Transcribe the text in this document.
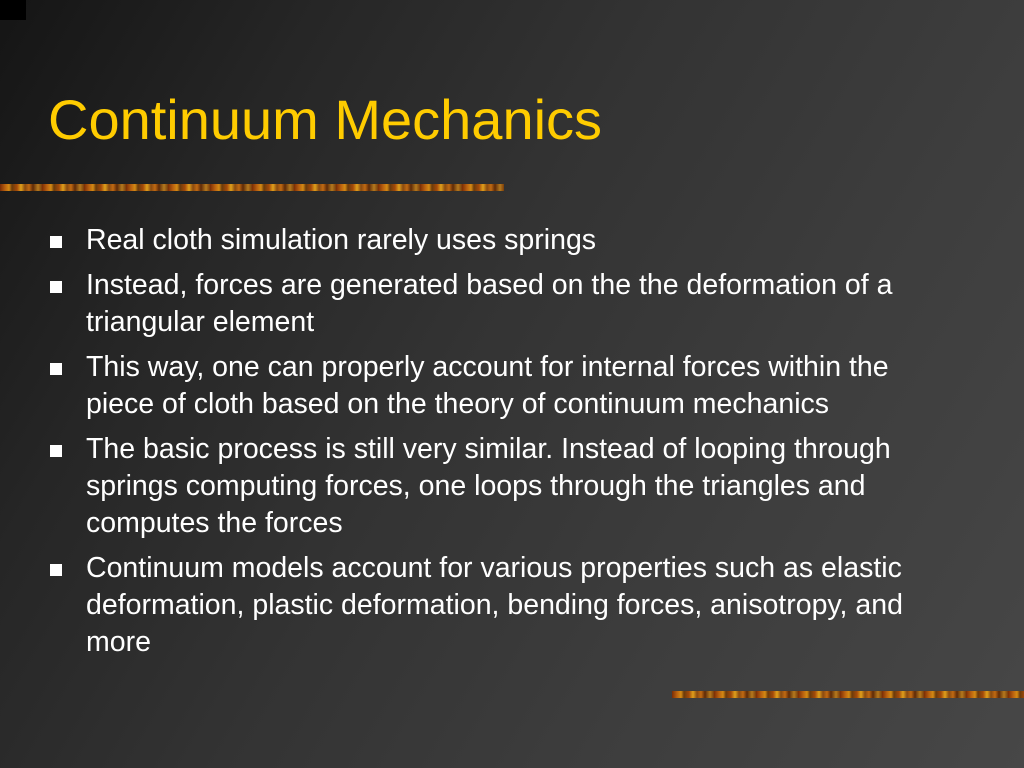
Continuum Mechanics
Real cloth simulation rarely uses springs
Instead, forces are generated based on the the deformation of a triangular element
This way, one can properly account for internal forces within the piece of cloth based on the theory of continuum mechanics
The basic process is still very similar. Instead of looping through springs computing forces, one loops through the triangles and computes the forces
Continuum models account for various properties such as elastic deformation, plastic deformation, bending forces, anisotropy, and more
